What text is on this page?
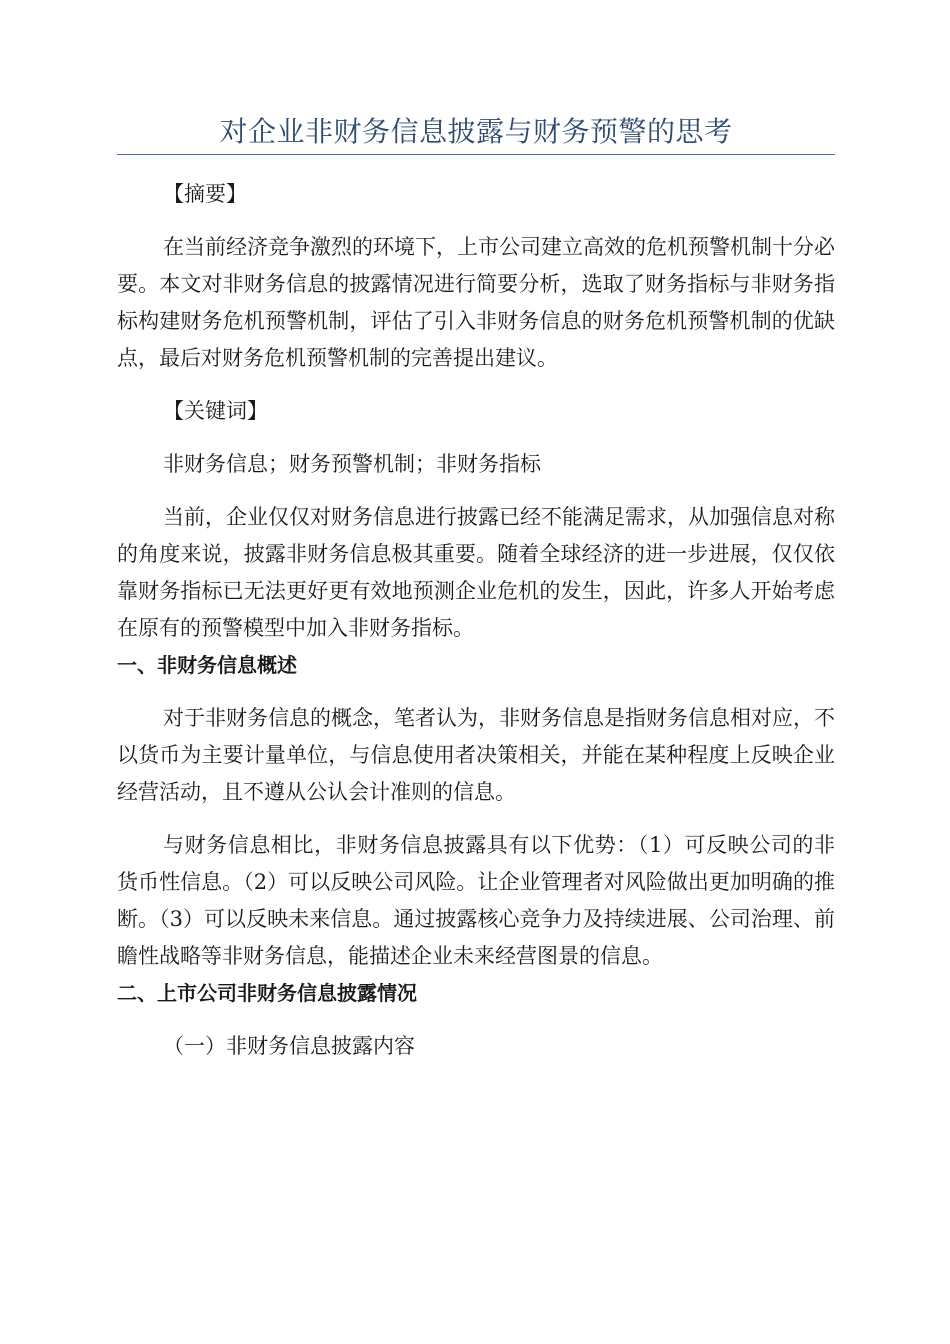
对企业非财务信息披露与财务预警的思考

【摘要】

在当前经济竞争激烈的环境下，上市公司建立高效的危机预警机制十分必要。本文对非财务信息的披露情况进行简要分析，选取了财务指标与非财务指标构建财务危机预警机制，评估了引入非财务信息的财务危机预警机制的优缺点，最后对财务危机预警机制的完善提出建议。

【关键词】

非财务信息；财务预警机制；非财务指标

当前，企业仅仅对财务信息进行披露已经不能满足需求，从加强信息对称的角度来说，披露非财务信息极其重要。随着全球经济的进一步进展，仅仅依靠财务指标已无法更好更有效地预测企业危机的发生，因此，许多人开始考虑在原有的预警模型中加入非财务指标。

一、非财务信息概述

对于非财务信息的概念，笔者认为，非财务信息是指财务信息相对应，不以货币为主要计量单位，与信息使用者决策相关，并能在某种程度上反映企业经营活动，且不遵从公认会计准则的信息。

与财务信息相比，非财务信息披露具有以下优势：（1）可反映公司的非货币性信息。（2）可以反映公司风险。让企业管理者对风险做出更加明确的推断。（3）可以反映未来信息。通过披露核心竞争力及持续进展、公司治理、前瞻性战略等非财务信息，能描述企业未来经营图景的信息。

二、上市公司非财务信息披露情况

（一）非财务信息披露内容
